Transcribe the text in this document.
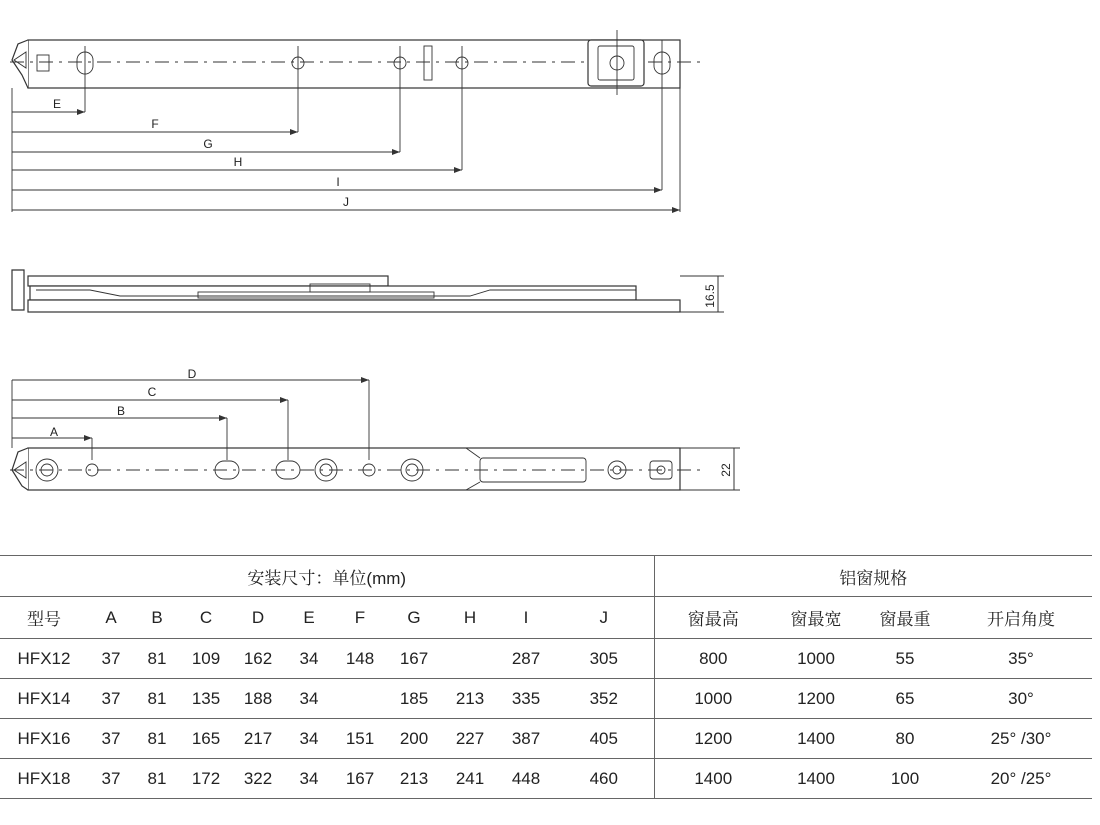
E
F
G
H
I
J
16.5
D
C
B
A
22
安装尺寸：单位(mm)											铝窗规格			
型号	A	B	C	D	E	F	G	H	I	J	窗最高	窗最宽	窗最重	开启角度
HFX12	37	81	109	162	34	148	167		287	305	800	1000	55	35°
HFX14	37	81	135	188	34		185	213	335	352	1000	1200	65	30°
HFX16	37	81	165	217	34	151	200	227	387	405	1200	1400	80	25° /30°
HFX18	37	81	172	322	34	167	213	241	448	460	1400	1400	100	20° /25°
